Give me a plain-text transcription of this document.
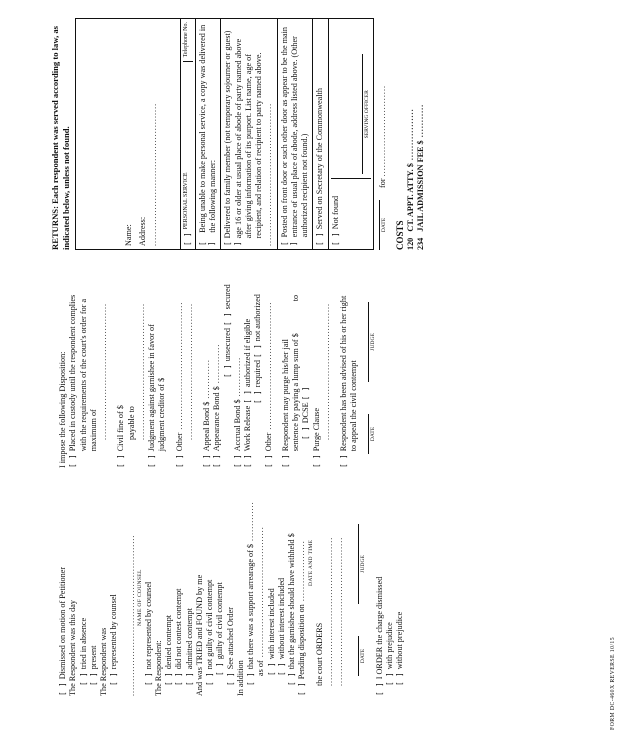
[ ] Dismissed on motion of Petitioner The Respondent was this day
[ ] tried in absence
[ ] present The Respondent was
[ ] represented by counsel ..................................................... NAME OF COUNSEL
[ ] not represented by counsel The Respondent:
[ ] denied contempt
[ ] did not contest contempt
[ ] admitted contempt And was TRIED and FOUND by me
[ ] not guilty of civil contempt
[ ] guilty of civil contempt
[ ] See attached Order
In addition
[ ] that there was a support arrearage of $ .............
as of ...........................................
[ ] with interest included
[ ] without interest included
[ ] that the garnishee should have withheld $
[ ] Pending disposition on .................... DATE AND TIME
the court ORDERS ................................................. .................................................	DATE JUDGE
[ ] I ORDER the charge dismissed
[ ] with prejudice
[ ] without prejudice
I impose the following Disposition:
[ ] Placed in custody until the respondent complies with the requirements of the court's order for a maximum of .............................................
[ ] Civil fine of $ payable to .............................................
[ ] Judgment against garnishee in favor of judgment creditor of $
[ ] Other .......................................... .............................................
[ ] Appeal Bond $ .............
[ ] Appearance Bond $ .............
[ ] unsecured [ ] secured
[ ] Accrual Bond $ .............
[ ] Work Release [ ] authorized if eligible
[ ] required [ ] not authorized
[ ] Other ..........................................
[ ] Respondent may purge his/her jail sentence by paying a lump sum of $
to
[ ] DCSE [ ]
[ ] Purge Clause .............................................
[ ] Respondent has been advised of his or her right to appeal the civil contempt	DATE JUDGE
RETURNS: Each respondent was served according to law, as indicated below, unless not found.	Name: Address: ...............................................
[ ]	PERSONAL SERVICE
Telephone No.
[ ]	Being unable to make personal service, a copy was delivered in the following manner:
[ ] Delivered to family member (not temporary sojourner or guest) age 16 or older at usual place of abode of party named above after giving information of its purport. List name, age of recipient, and relation of recipient to party named above. ...............................................
[ ] Posted on front door or such other door as appear to be the main entrance of usual place of abode, address listed above. (Other authorized recipient not found.)
[ ] Served on Secretary of the Commonwealth
[ ] Not found
SERVING OFFICER
DATE for ..............................
COSTS 120   CT. APPT. ATTY. $ .................
234   JAIL ADMISSION FEE $ ...........
FORM DC-460X REVERSE 10/15
